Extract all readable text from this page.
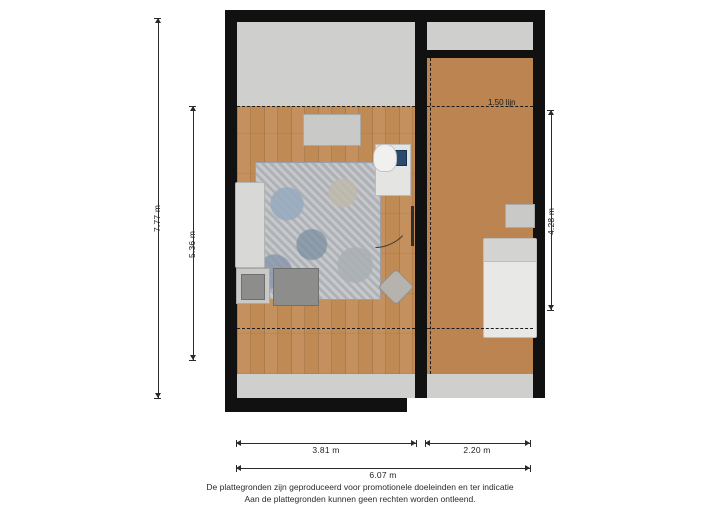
1.50 lijn
7.77 m
5.36 m
4.28 m
3.81 m	2.20 m
6.07 m
De plattegronden zijn geproduceerd voor promotionele doeleinden en ter indicatie
Aan de plattegronden kunnen geen rechten worden ontleend.
